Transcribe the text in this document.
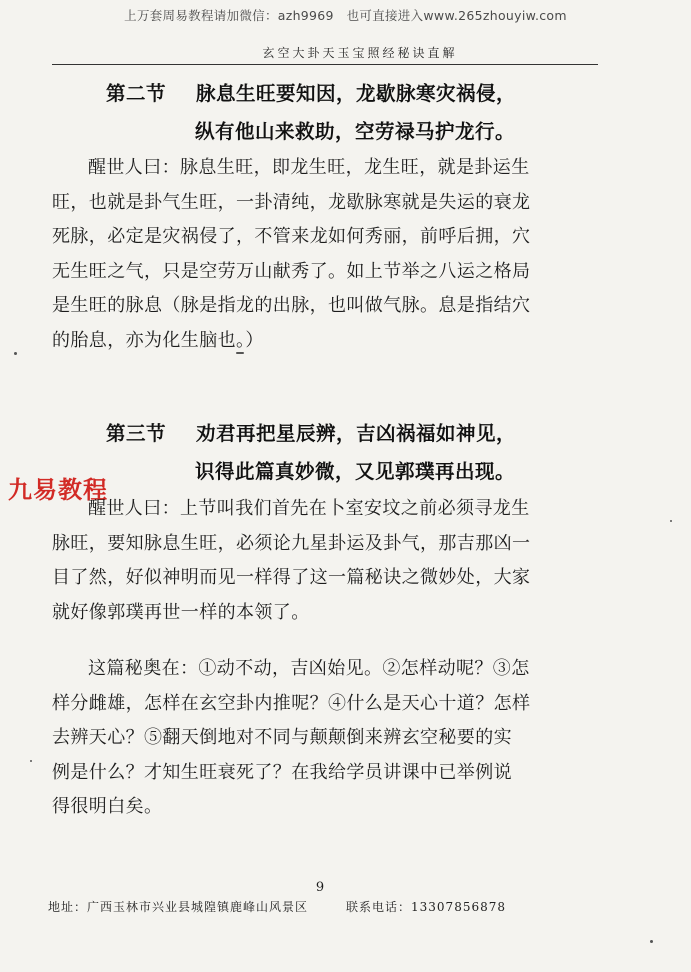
上万套周易教程请加微信：azh9969　也可直接进入www.265zhouyiw.com
玄空大卦天玉宝照经秘诀直解
第二节 脉息生旺要知因，龙歇脉寒灾祸侵，
纵有他山来救助，空劳禄马护龙行。
醒世人曰：脉息生旺，即龙生旺，龙生旺，就是卦运生
旺，也就是卦气生旺，一卦清纯，龙歇脉寒就是失运的衰龙
死脉，必定是灾祸侵了，不管来龙如何秀丽，前呼后拥，穴
无生旺之气，只是空劳万山献秀了。如上节举之八运之格局
是生旺的脉息（脉是指龙的出脉，也叫做气脉。息是指结穴
的胎息，亦为化生脑也。）
第三节 劝君再把星辰辨，吉凶祸福如神见，
识得此篇真妙微，又见郭璞再出现。
九易教程
醒世人曰：上节叫我们首先在卜室安坟之前必须寻龙生
脉旺，要知脉息生旺，必须论九星卦运及卦气，那吉那凶一
目了然，好似神明而见一样得了这一篇秘诀之微妙处，大家
就好像郭璞再世一样的本领了。
这篇秘奥在：①动不动，吉凶始见。②怎样动呢？③怎
样分雌雄，怎样在玄空卦内推呢？④什么是天心十道？怎样
去辨天心？⑤翻天倒地对不同与颠颠倒来辨玄空秘要的实
例是什么？才知生旺衰死了？在我给学员讲课中已举例说
得很明白矣。
9
地址：广西玉林市兴业县城隍镇鹿峰山风景区	联系电话：13307856878
